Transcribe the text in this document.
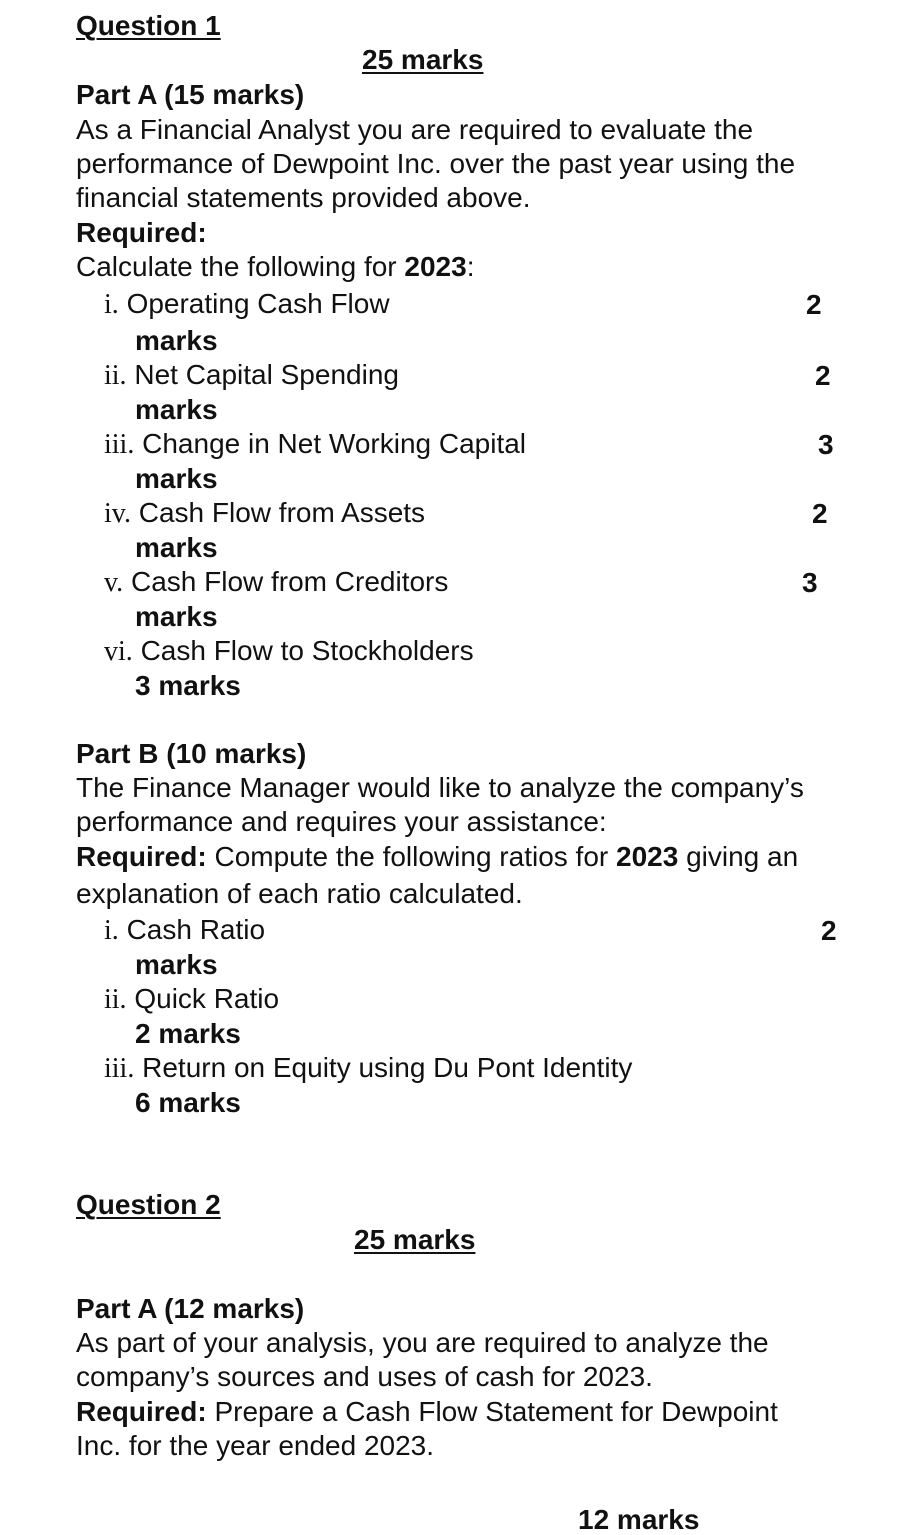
Question 1
25 marks
Part A (15 marks)
As a Financial Analyst you are required to evaluate the
performance of Dewpoint Inc. over the past year using the
financial statements provided above.
Required:
Calculate the following for 2023:
i. Operating Cash Flow	2
marks
ii. Net Capital Spending	2
marks
iii. Change in Net Working Capital	3
marks
iv. Cash Flow from Assets	2
marks
v. Cash Flow from Creditors	3
marks
vi. Cash Flow to Stockholders
3 marks
Part B (10 marks)
The Finance Manager would like to analyze the company’s
performance and requires your assistance:
Required: Compute the following ratios for 2023 giving an
explanation of each ratio calculated.
i. Cash Ratio	2
marks
ii. Quick Ratio
2 marks
iii. Return on Equity using Du Pont Identity
6 marks
Question 2
25 marks
Part A (12 marks)
As part of your analysis, you are required to analyze the
company’s sources and uses of cash for 2023.
Required: Prepare a Cash Flow Statement for Dewpoint
Inc. for the year ended 2023.
12 marks
